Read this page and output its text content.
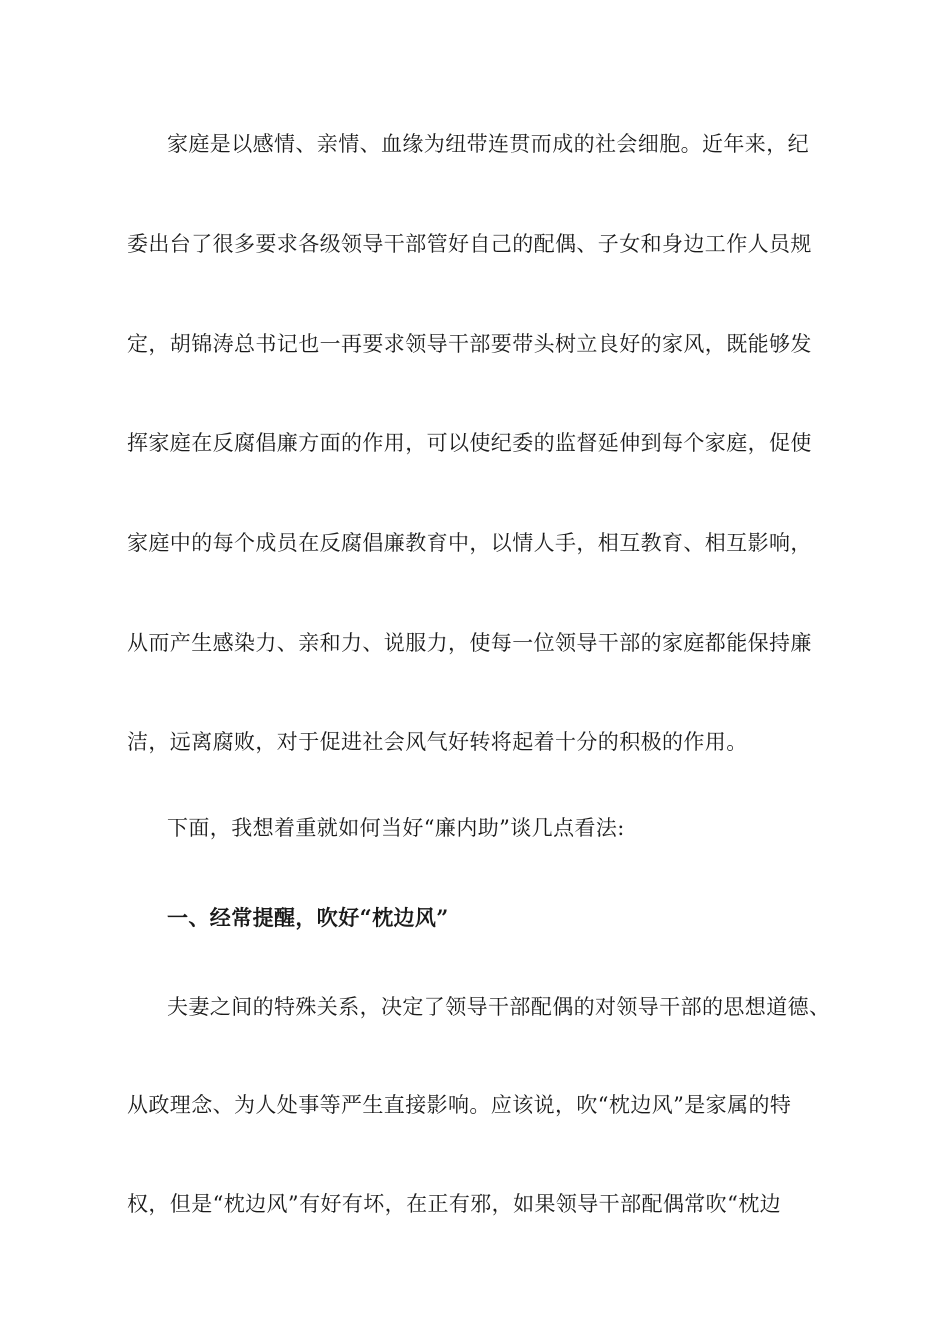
家庭是以感情、亲情、血缘为纽带连贯而成的社会细胞。近年来，纪
委出台了很多要求各级领导干部管好自己的配偶、子女和身边工作人员规
定，胡锦涛总书记也一再要求领导干部要带头树立良好的家风，既能够发
挥家庭在反腐倡廉方面的作用，可以使纪委的监督延伸到每个家庭，促使
家庭中的每个成员在反腐倡廉教育中，以情人手，相互教育、相互影响，
从而产生感染力、亲和力、说服力，使每一位领导干部的家庭都能保持廉
洁，远离腐败，对于促进社会风气好转将起着十分的积极的作用。
下面，我想着重就如何当好“廉内助”谈几点看法:
一、经常提醒，吹好“枕边风”
夫妻之间的特殊关系，决定了领导干部配偶的对领导干部的思想道德、
从政理念、为人处事等严生直接影响。应该说，吹“枕边风”是家属的特
权，但是“枕边风”有好有坏，在正有邪，如果领导干部配偶常吹“枕边
